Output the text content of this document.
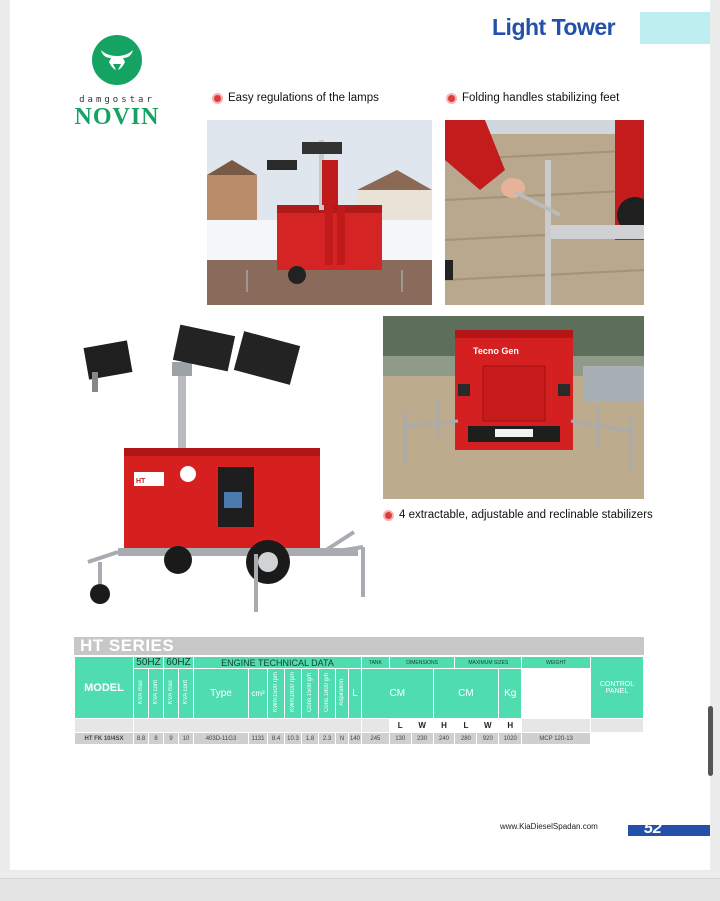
damgostar
NOVIN
Light Tower
Easy regulations of the lamps	Folding handles stabilizing feet
4 extractable, adjustable and reclinable stabilizers
Tecno Gen
HT
HT SERIES
MODEL	50HZ		60HZ		ENGINE TECHNICAL DATA								TANK	DIMENSIONS			MAXIMUM SIZES			WEIGHT	CONTROL PANEL
	KVA max	KVA cont	KVA max	KVA cont	Type	cm³	KWm1500 rpm	KWm1800 rpm	Cons.1500 g/h	Cons.1800 g/h	Aspiration	L	CM			CM			Kg		
														L	W	H	L	W	H		
HT FK 10/4SX	8.8	8	9	10	403D-11G3	1131	8.4	10.3	1.8	2.3	N	140	245	130	230	240	280	920	1020	MCP 120-13	
www.KiaDieselSpadan.com	52
